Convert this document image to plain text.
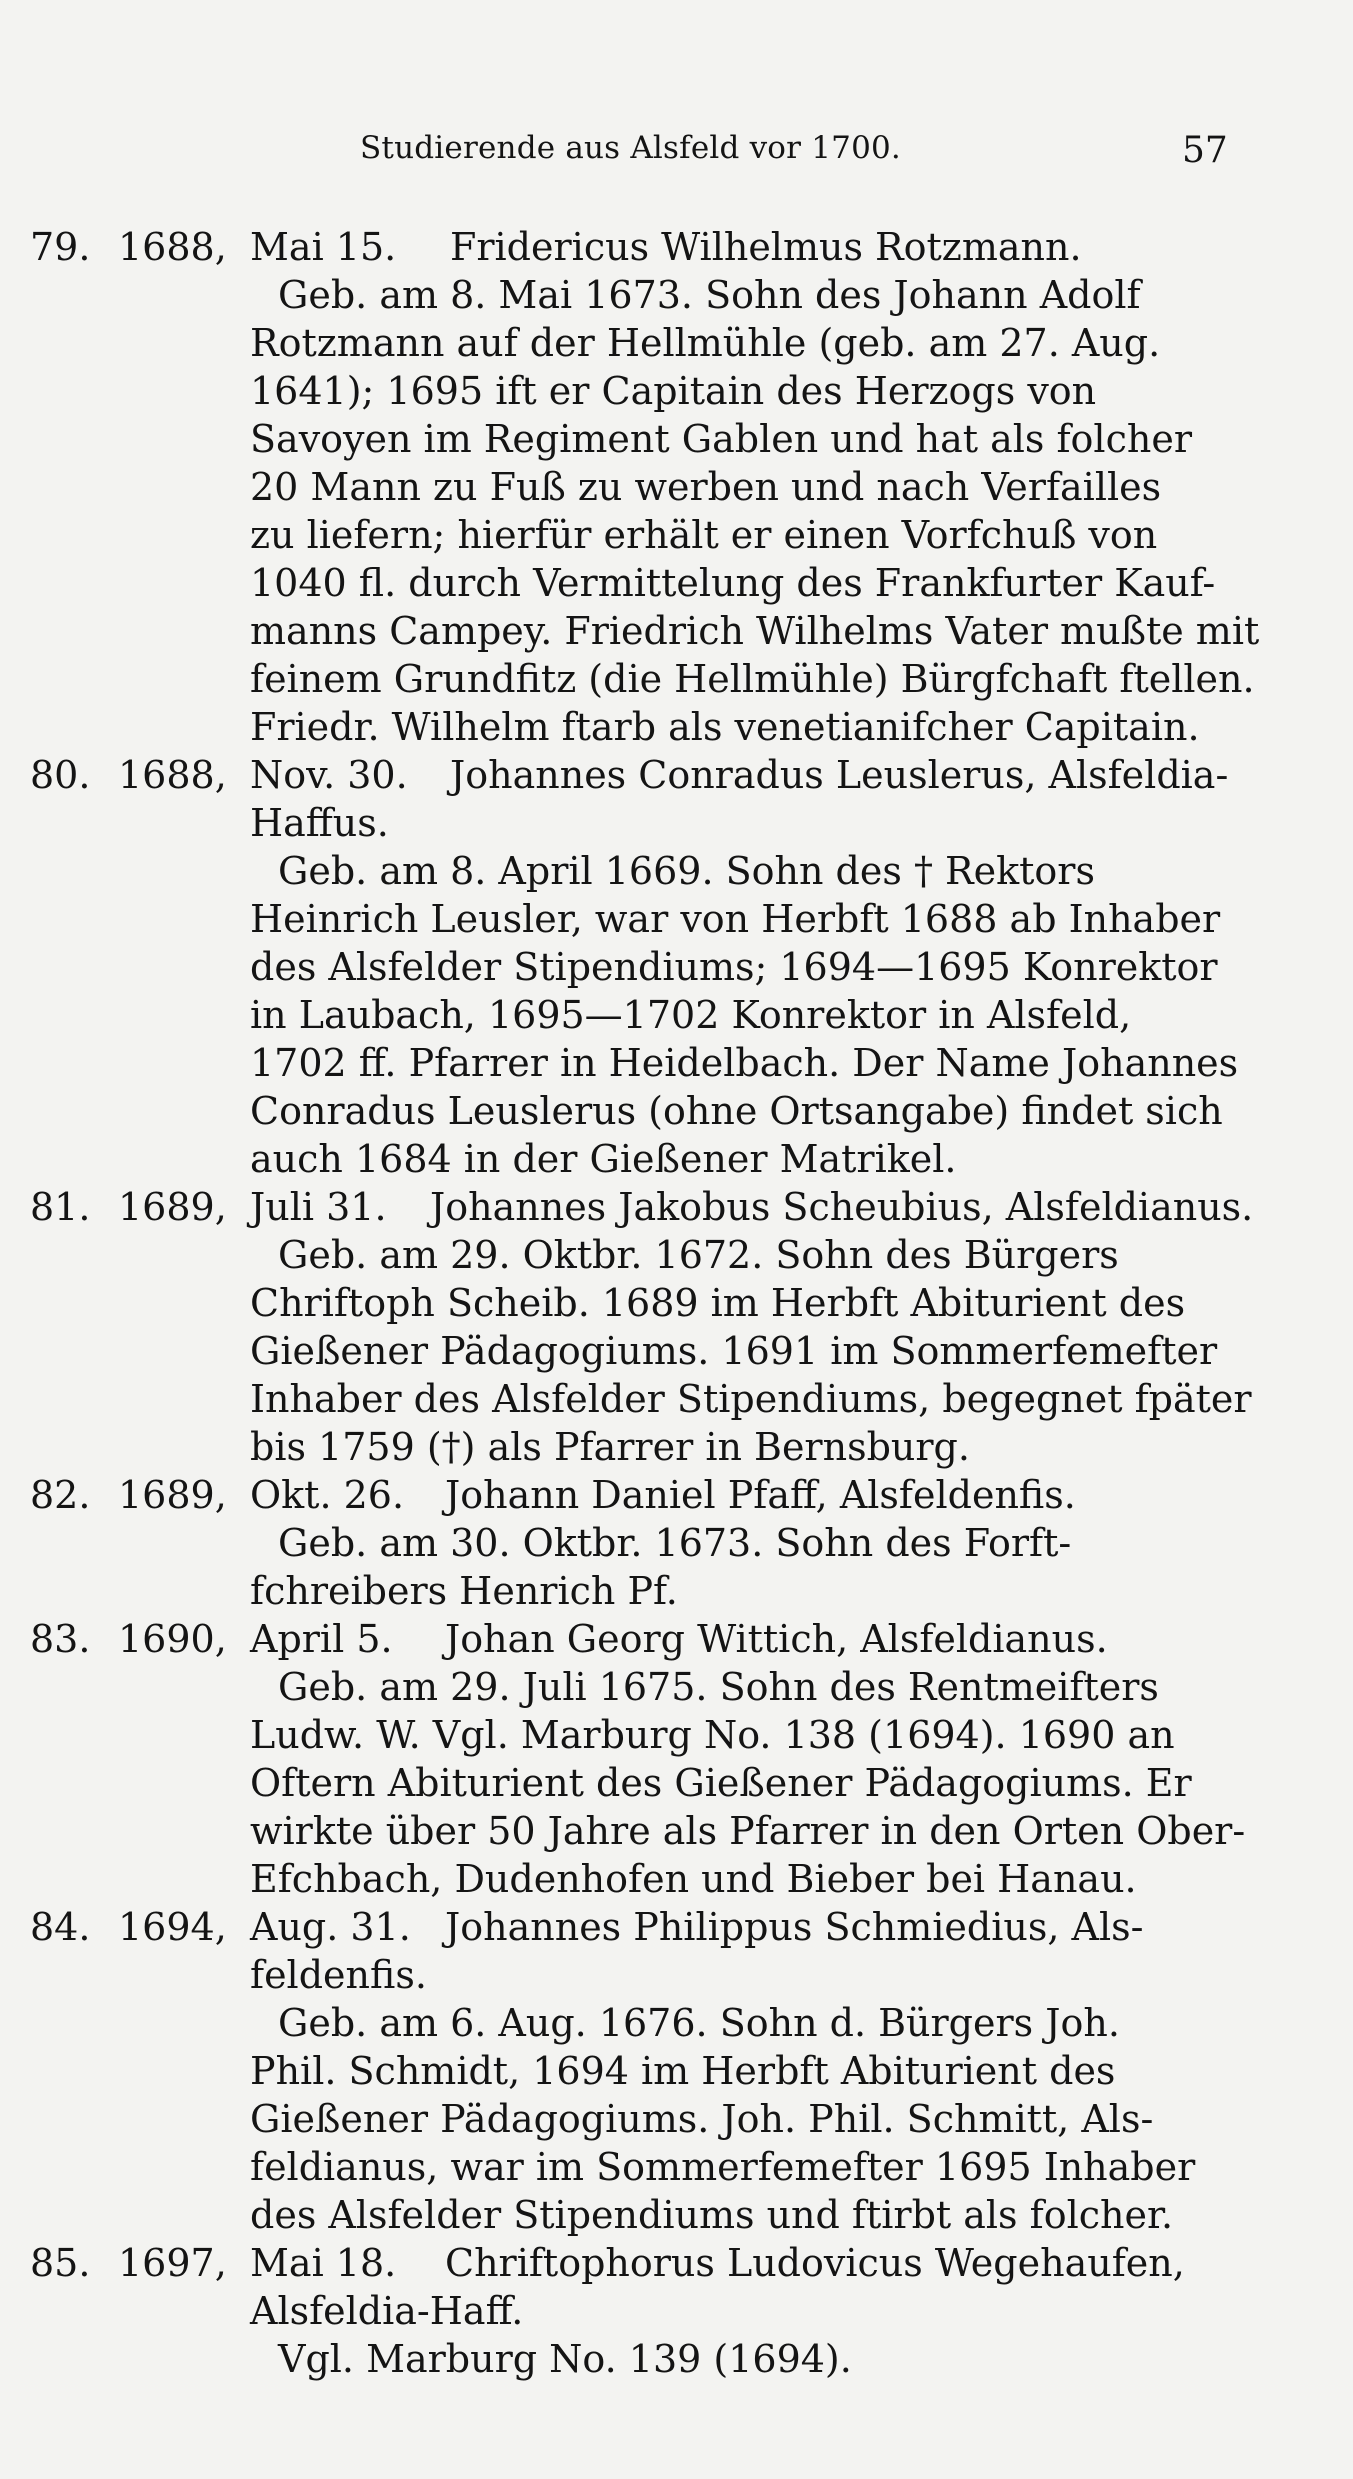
Studierende aus Alsfeld vor 1700.	57
79. 1688, Mai 15. Fridericus Wilhelmus Rotzmann.
Geb. am 8. Mai 1673. Sohn des Johann Adolf
Rotzmann auf der Hellmühle (geb. am 27. Aug.
1641); 1695 ift er Capitain des Herzogs von
Savoyen im Regiment Gablen und hat als folcher
20 Mann zu Fuß zu werben und nach Verfailles
zu liefern; hierfür erhält er einen Vorfchuß von
1040 fl. durch Vermittelung des Frankfurter Kauf-
manns Campey. Friedrich Wilhelms Vater mußte mit
feinem Grundfitz (die Hellmühle) Bürgfchaft ftellen.
Friedr. Wilhelm ftarb als venetianifcher Capitain.
80. 1688, Nov. 30. Johannes Conradus Leuslerus, Alsfeldia-
Haffus.
Geb. am 8. April 1669. Sohn des † Rektors
Heinrich Leusler, war von Herbft 1688 ab Inhaber
des Alsfelder Stipendiums; 1694—1695 Konrektor
in Laubach, 1695—1702 Konrektor in Alsfeld,
1702 ff. Pfarrer in Heidelbach. Der Name Johannes
Conradus Leuslerus (ohne Ortsangabe) findet sich
auch 1684 in der Gießener Matrikel.
81. 1689, Juli 31. Johannes Jakobus Scheubius, Alsfeldianus.
Geb. am 29. Oktbr. 1672. Sohn des Bürgers
Chriftoph Scheib. 1689 im Herbft Abiturient des
Gießener Pädagogiums. 1691 im Sommerfemefter
Inhaber des Alsfelder Stipendiums, begegnet fpäter
bis 1759 (†) als Pfarrer in Bernsburg.
82. 1689, Okt. 26. Johann Daniel Pfaff, Alsfeldenfis.
Geb. am 30. Oktbr. 1673. Sohn des Forft-
fchreibers Henrich Pf.
83. 1690, April 5. Johan Georg Wittich, Alsfeldianus.
Geb. am 29. Juli 1675. Sohn des Rentmeifters
Ludw. W. Vgl. Marburg No. 138 (1694). 1690 an
Oftern Abiturient des Gießener Pädagogiums. Er
wirkte über 50 Jahre als Pfarrer in den Orten Ober-
Efchbach, Dudenhofen und Bieber bei Hanau.
84. 1694, Aug. 31. Johannes Philippus Schmiedius, Als-
feldenfis.
Geb. am 6. Aug. 1676. Sohn d. Bürgers Joh.
Phil. Schmidt, 1694 im Herbft Abiturient des
Gießener Pädagogiums. Joh. Phil. Schmitt, Als-
feldianus, war im Sommerfemefter 1695 Inhaber
des Alsfelder Stipendiums und ftirbt als folcher.
85. 1697, Mai 18. Chriftophorus Ludovicus Wegehaufen,
Alsfeldia-Haff.
Vgl. Marburg No. 139 (1694).
